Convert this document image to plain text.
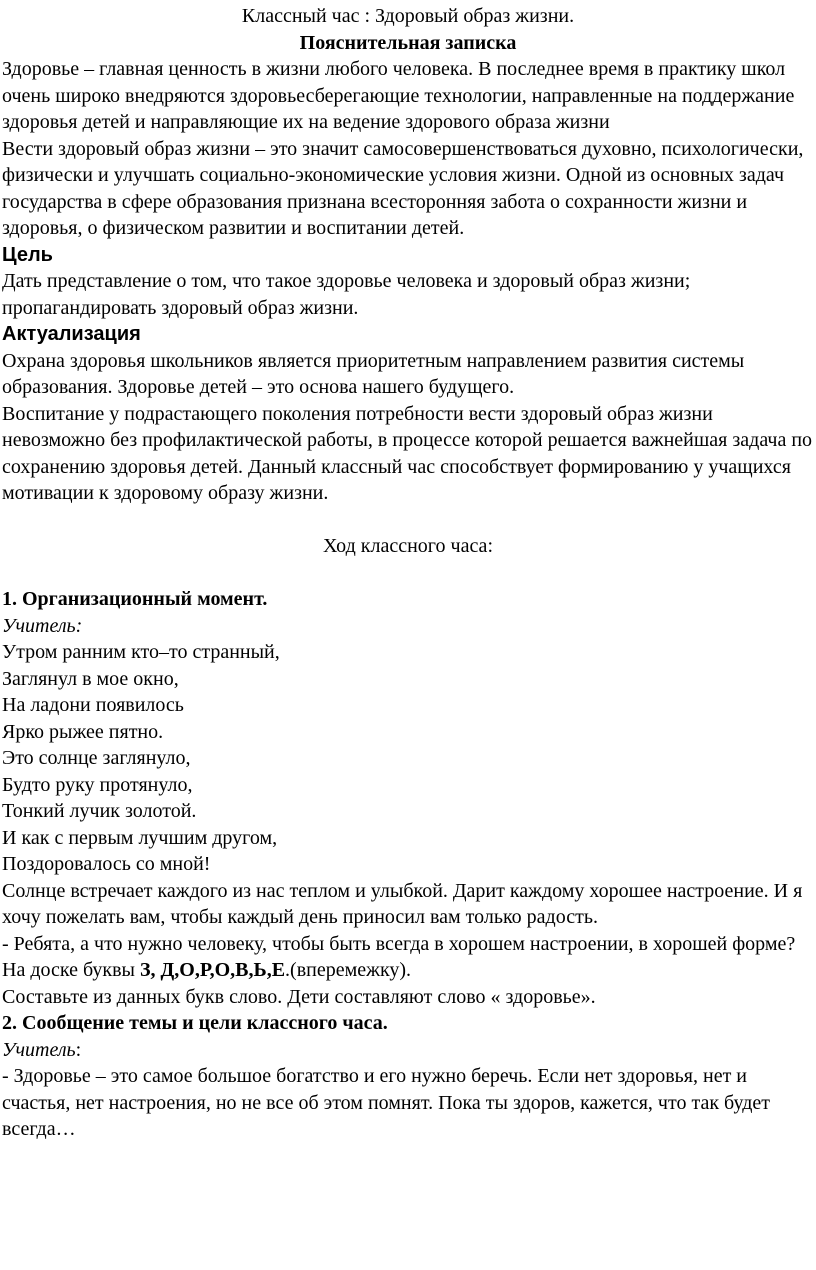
Классный час : Здоровый образ жизни.

Пояснительная записка

Здоровье – главная ценность в жизни любого человека. В последнее время в практику школ очень широко внедряются здоровьесберегающие технологии, направленные на поддержание здоровья детей и направляющие их на ведение здорового образа жизни

Вести здоровый образ жизни – это значит самосовершенствоваться духовно, психологически, физически и улучшать социально-экономические условия жизни. Одной из основных задач государства в сфере образования признана всесторонняя забота о сохранности жизни и здоровья, о физическом развитии и воспитании детей.

Цель

Дать представление о том, что такое здоровье человека и здоровый образ жизни; пропагандировать здоровый образ жизни.

Актуализация

Охрана здоровья школьников является приоритетным направлением развития системы образования. Здоровье детей – это основа нашего будущего.

Воспитание у подрастающего поколения потребности вести здоровый образ жизни невозможно без профилактической работы, в процессе которой решается важнейшая задача по сохранению здоровья детей. Данный классный час способствует формированию у учащихся мотивации к здоровому образу жизни.

Ход классного часа:

1. Организационный момент.

Учитель:

Утром ранним кто–то странный,

Заглянул в мое окно,

На ладони появилось

Ярко рыжее пятно.

Это солнце заглянуло,

Будто руку протянуло,

Тонкий лучик золотой.

И как с первым лучшим другом,

Поздоровалось со мной!

Солнце встречает каждого из нас теплом и улыбкой. Дарит каждому хорошее настроение. И я хочу пожелать вам, чтобы каждый день приносил вам только радость.

- Ребята, а что нужно человеку, чтобы быть всегда в хорошем настроении, в хорошей форме?

На доске буквы З, Д,О,Р,О,В,Ь,Е.(вперемежку).

Составьте из данных букв слово. Дети составляют слово « здоровье».

2. Сообщение темы и цели классного часа.

Учитель:

- Здоровье – это самое большое богатство и его нужно беречь. Если нет здоровья, нет и счастья, нет настроения, но не все об этом помнят. Пока ты здоров, кажется, что так будет всегда…
